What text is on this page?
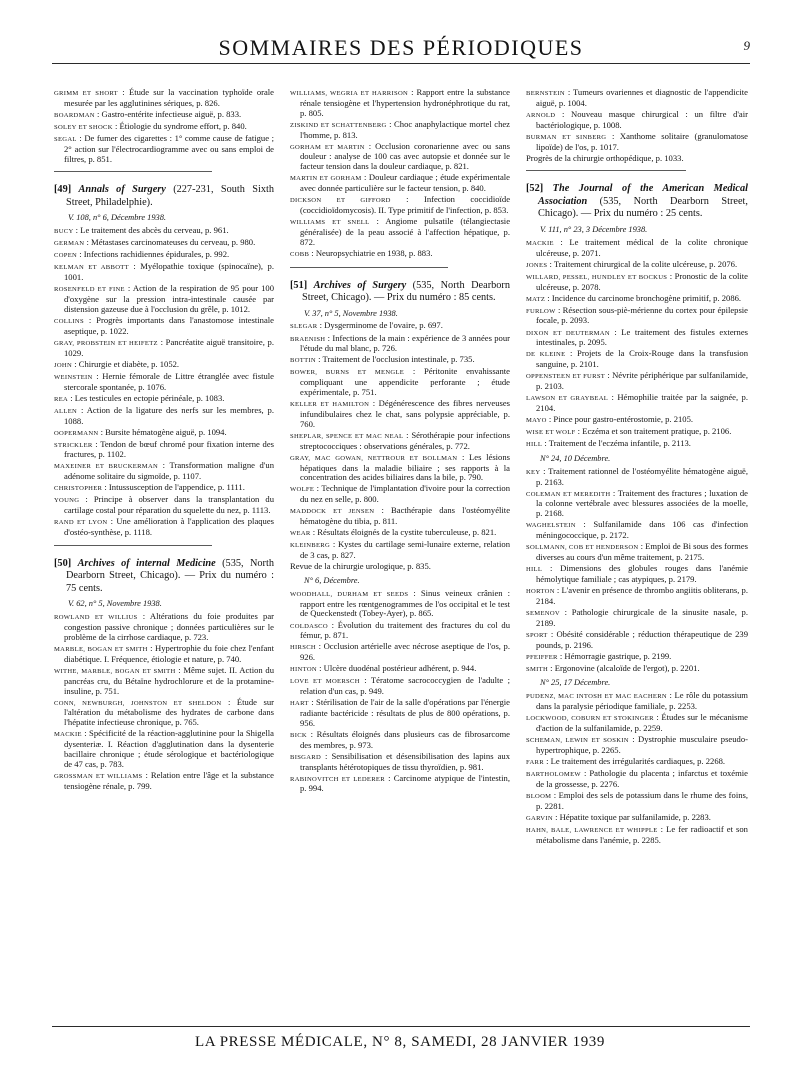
SOMMAIRES DES PÉRIODIQUES	9
GRIMM ET SHORT : Étude sur la vaccination typhoïde orale mesurée par les agglutinines sériques, p. 826.
BOARDMAN : Gastro-entérite infectieuse aiguë, p. 833.
SOLEY ET SHOCK : Étiologie du syndrome effort, p. 840.
SEGAL : De fumer des cigarettes : 1° comme cause de fatigue ; 2° action sur l'électrocardiogramme avec ou sans emploi de filtres, p. 851.
[49] Annals of Surgery (227-231, South Sixth Street, Philadelphie).
V. 108, n° 6, Décembre 1938.
BUCY : Le traitement des abcès du cerveau, p. 961.
GERMAN : Métastases carcinomateuses du cerveau, p. 980.
COPEN : Infections rachidiennes épidurales, p. 992.
KELMAN ET ABBOTT : Myélopathie toxique (spinocaïne), p. 1001.
ROSENFELD ET FINE : Action de la respiration de 95 pour 100 d'oxygène sur la pression intra-intestinale causée par distension gazeuse due à l'occlusion du grêle, p. 1012.
COLLINS : Progrès importants dans l'anastomose intestinale aseptique, p. 1022.
GRAY, PROBSTEIN ET HEIFETZ : Pancréatite aiguë transitoire, p. 1029.
JOHN : Chirurgie et diabète, p. 1052.
WEINSTEIN : Hernie fémorale de Littre étranglée avec fistule stercorale spontanée, p. 1076.
REA : Les testicules en ectopie périnéale, p. 1083.
ALLEN : Action de la ligature des nerfs sur les membres, p. 1088.
OOPERMANN : Bursite hématogène aiguë, p. 1094.
STRICKLER : Tendon de bœuf chromé pour fixation interne des fractures, p. 1102.
MAXEINER ET BRUCKERMAN : Transformation maligne d'un adénome solitaire du sigmoïde, p. 1107.
CHRISTOPHER : Intussusception de l'appendice, p. 1111.
YOUNG : Principe à observer dans la transplantation du cartilage costal pour réparation du squelette du nez, p. 1113.
RAND ET LYON : Une amélioration à l'application des plaques d'ostéo-synthèse, p. 1118.
[50] Archives of internal Medicine (535, North Dearborn Street, Chicago). — Prix du numéro : 75 cents.
V. 62, n° 5, Novembre 1938.
ROWLAND ET WILLIUS : Altérations du foie produites par congestion passive chronique ; données particulières sur le problème de la cirrhose cardiaque, p. 723.
MARBLE, BOGAN ET SMITH : Hypertrophie du foie chez l'enfant diabétique. I. Fréquence, étiologie et nature, p. 740.
WITHE, MARBLE, BOGAN ET SMITH : Même sujet. II. Action du pancréas cru, du Bétaïne hydrochlorure et de la protamine-insuline, p. 751.
CONN, NEWBURGH, JOHNSTON ET SHELDON : Étude sur l'altération du métabolisme des hydrates de carbone dans l'hépatite infectieuse chronique, p. 765.
MACKIE : Spécificité de la réaction-agglutinine pour la Shigella dysenteriæ. I. Réaction d'agglutination dans la dysenterie bacillaire chronique ; étude sérologique et bactériologique de 47 cas, p. 783.
GROSSMAN ET WILLIAMS : Relation entre l'âge et la substance tensiogène rénale, p. 799.
WILLIAMS, WEGRIA ET HARRISON : Rapport entre la substance rénale tensiogène et l'hypertension hydronéphrotique du rat, p. 805.
ZISKIND ET SCHATTENBERG : Choc anaphylactique mortel chez l'homme, p. 813.
GORHAM ET MARTIN : Occlusion coronarienne avec ou sans douleur : analyse de 100 cas avec autopsie et donnée sur le facteur tension dans la douleur cardiaque, p. 821.
MARTIN ET GORHAM : Douleur cardiaque ; étude expérimentale avec donnée particulière sur le facteur tension, p. 840.
DICKSON ET GIFFORD : Infection coccidioïde (coccidioïdomycosis). II. Type primitif de l'infection, p. 853.
WILLIAMS ET SNELL : Angiome pulsatile (télangiectasie généralisée) de la peau associé à l'affection hépatique, p. 872.
COBB : Neuropsychiatrie en 1938, p. 883.
[51] Archives of Surgery (535, North Dearborn Street, Chicago). — Prix du numéro : 85 cents.
V. 37, n° 5, Novembre 1938.
SLEGAR : Dysgerminome de l'ovaire, p. 697.
BRAENISH : Infections de la main : expérience de 3 années pour l'étude du mal blanc, p. 726.
BOTTIN : Traitement de l'occlusion intestinale, p. 735.
BOWER, BURNS ET MENGLE : Péritonite envahissante compliquant une appendicite perforante ; étude expérimentale, p. 751.
KELLER ET HAMILTON : Dégénérescence des fibres nerveuses infundibulaires chez le chat, sans polypsie appréciable, p. 760.
SHEPLAR, SPENCE ET MAC NEAL : Sérothérapie pour infections streptococciques : observations générales, p. 772.
GRAY, MAC GOWAN, NETTROUR ET BOLLMAN : Les lésions hépatiques dans la maladie biliaire ; ses rapports à la concentration des acides biliaires dans la bile, p. 790.
WOLFE : Technique de l'implantation d'ivoire pour la correction du nez en selle, p. 800.
MADDOCK ET JENSEN : Bacthérapie dans l'ostéomyélite hématogène du tibia, p. 811.
WEAR : Résultats éloignés de la cystite tuberculeuse, p. 821.
KLEINBERG : Kystes du cartilage semi-lunaire externe, relation de 3 cas, p. 827.
Revue de la chirurgie urologique, p. 835.
N° 6, Décembre.
WOODHALL, DURHAM ET SEEDS : Sinus veineux crânien : rapport entre les rœntgenogrammes de l'os occipital et le test de Queckenstedt (Tobey-Ayer), p. 865.
COLDASCO : Évolution du traitement des fractures du col du fémur, p. 871.
HIRSCH : Occlusion artérielle avec nécrose aseptique de l'os, p. 926.
HINTON : Ulcère duodénal postérieur adhérent, p. 944.
LOVE ET MOERSCH : Tératome sacrococcygien de l'adulte ; relation d'un cas, p. 949.
HART : Stérilisation de l'air de la salle d'opérations par l'énergie radiante bactéricide : résultats de plus de 800 opérations, p. 956.
BICK : Résultats éloignés dans plusieurs cas de fibrosarcome des membres, p. 973.
BISGARD : Sensibilisation et désensibilisation des lapins aux transplants hétérotopiques de tissu thyroïdien, p. 981.
RABINOVITCH ET LEDERER : Carcinome atypique de l'intestin, p. 994.
BERNSTEIN : Tumeurs ovariennes et diagnostic de l'appendicite aiguë, p. 1004.
ARNOLD : Nouveau masque chirurgical : un filtre d'air bactériologique, p. 1008.
BURMAN ET SINBERG : Xanthome solitaire (granulomatose lipoïde) de l'os, p. 1017.
Progrès de la chirurgie orthopédique, p. 1033.
[52] The Journal of the American Medical Association (535, North Dearborn Street, Chicago). — Prix du numéro : 25 cents.
V. 111, n° 23, 3 Décembre 1938.
MACKIE : Le traitement médical de la colite chronique ulcéreuse, p. 2071.
JONES : Traitement chirurgical de la colite ulcéreuse, p. 2076.
WILLARD, PESSEL, HUNDLEY ET BOCKUS : Pronostic de la colite ulcéreuse, p. 2078.
MATZ : Incidence du carcinome bronchogène primitif, p. 2086.
FURLOW : Résection sous-piè-mérienne du cortex pour épilepsie focale, p. 2093.
DIXON ET DEUTERMAN : Le traitement des fistules externes intestinales, p. 2095.
DE KLEINE : Projets de la Croix-Rouge dans la transfusion sanguine, p. 2101.
OPPENSTEEN ET FURST : Névrite périphérique par sulfanilamide, p. 2103.
LAWSON ET GRAYBEAL : Hémophilie traitée par la saignée, p. 2104.
MAYO : Pince pour gastro-entérostomie, p. 2105.
WISE ET WOLF : Eczéma et son traitement pratique, p. 2106.
HILL : Traitement de l'eczéma infantile, p. 2113.
N° 24, 10 Décembre.
KEY : Traitement rationnel de l'ostéomyélite hématogène aiguë, p. 2163.
COLEMAN ET MEREDITH : Traitement des fractures ; luxation de la colonne vertébrale avec blessures associées de la moelle, p. 2168.
WAGHELSTEIN : Sulfanilamide dans 106 cas d'infection méningococcique, p. 2172.
SOLLMANN, COB ET HENDERSON : Emploi de Bi sous des formes diverses au cours d'un même traitement, p. 2175.
HILL : Dimensions des globules rouges dans l'anémie hémolytique familiale ; cas atypiques, p. 2179.
HORTON : L'avenir en présence de thrombo angiitis obliterans, p. 2184.
SEMENOV : Pathologie chirurgicale de la sinusite nasale, p. 2189.
SPORT : Obésité considérable ; réduction thérapeutique de 239 pounds, p. 2196.
PFEIFFER : Hémorragie gastrique, p. 2199.
SMITH : Ergonovine (alcaloïde de l'ergot), p. 2201.
N° 25, 17 Décembre.
PUDENZ, MAC INTOSH ET MAC EACHERN : Le rôle du potassium dans la paralysie périodique familiale, p. 2253.
LOCKWOOD, COBURN ET STOKINGER : Études sur le mécanisme d'action de la sulfanilamide, p. 2259.
SCHEMAN, LEWIN ET SOSKIN : Dystrophie musculaire pseudo-hypertrophique, p. 2265.
FARR : Le traitement des irrégularités cardiaques, p. 2268.
BARTHOLOMEW : Pathologie du placenta ; infarctus et toxémie de la grossesse, p. 2276.
BLOOM : Emploi des sels de potassium dans le rhume des foins, p. 2281.
GARVIN : Hépatite toxique par sulfanilamide, p. 2283.
HAHN, BALE, LAWRENCE ET WHIPPLE : Le fer radioactif et son métabolisme dans l'anémie, p. 2285.
LA PRESSE MÉDICALE, N° 8, SAMEDI, 28 JANVIER 1939
